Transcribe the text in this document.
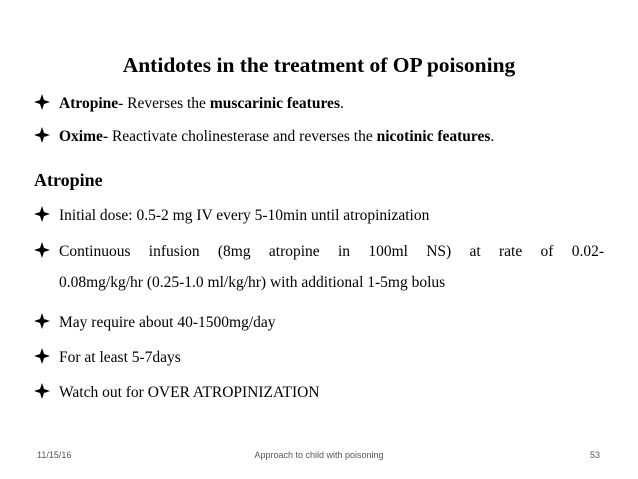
Antidotes in the treatment of OP poisoning
Atropine- Reverses the muscarinic features.
Oxime- Reactivate cholinesterase and reverses the nicotinic features.
Atropine
Initial dose: 0.5-2 mg IV every 5-10min until atropinization
Continuous infusion (8mg atropine in 100ml NS) at rate of 0.02-
0.08mg/kg/hr (0.25-1.0 ml/kg/hr) with additional 1-5mg bolus
May require about 40-1500mg/day
For at least 5-7days
Watch out for OVER ATROPINIZATION
11/15/16	Approach to child with poisoning	53
